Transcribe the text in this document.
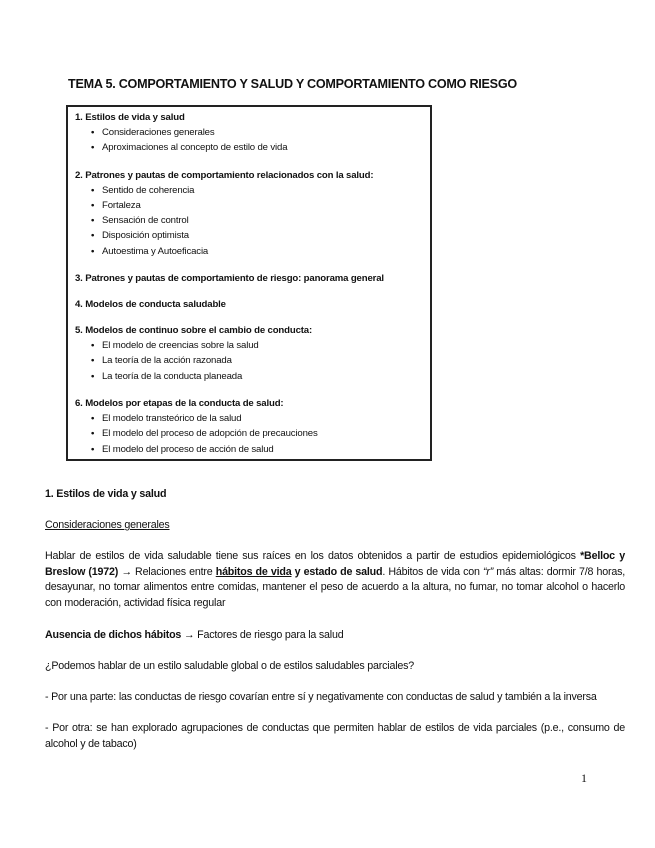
TEMA 5. COMPORTAMIENTO Y SALUD Y COMPORTAMIENTO COMO RIESGO
1. Estilos de vida y salud
• Consideraciones generales
• Aproximaciones al concepto de estilo de vida
2. Patrones y pautas de comportamiento relacionados con la salud:
• Sentido de coherencia
• Fortaleza
• Sensación de control
• Disposición optimista
• Autoestima y Autoeficacia
3. Patrones y pautas de comportamiento de riesgo: panorama general
4. Modelos de conducta saludable
5. Modelos de continuo sobre el cambio de conducta:
• El modelo de creencias sobre la salud
• La teoría de la acción razonada
• La teoría de la conducta planeada
6. Modelos por etapas de la conducta de salud:
• El modelo transteórico de la salud
• El modelo del proceso de adopción de precauciones
• El modelo del proceso de acción de salud
1. Estilos de vida y salud
Consideraciones generales
Hablar de estilos de vida saludable tiene sus raíces en los datos obtenidos a partir de estudios epidemiológicos *Belloc y Breslow (1972) → Relaciones entre hábitos de vida y estado de salud. Hábitos de vida con “r” más altas: dormir 7/8 horas, desayunar, no tomar alimentos entre comidas, mantener el peso de acuerdo a la altura, no fumar, no tomar alcohol o hacerlo con moderación, actividad física regular
Ausencia de dichos hábitos → Factores de riesgo para la salud
¿Podemos hablar de un estilo saludable global o de estilos saludables parciales?
- Por una parte: las conductas de riesgo covarían entre sí y negativamente con conductas de salud y también a la inversa
- Por otra: se han explorado agrupaciones de conductas que permiten hablar de estilos de vida parciales (p.e., consumo de alcohol y de tabaco)
1
